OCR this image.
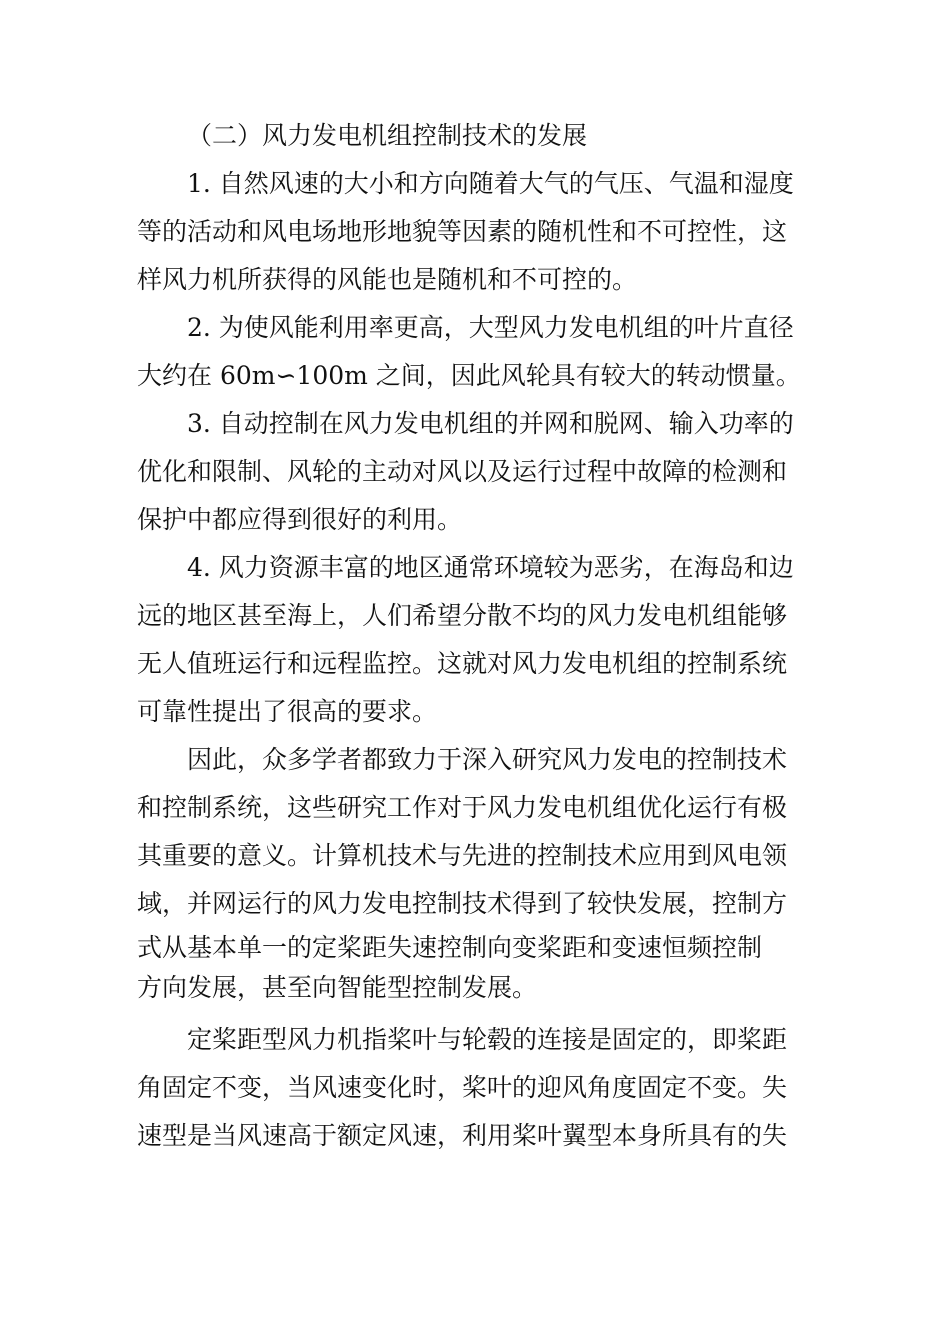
（二）风力发电机组控制技术的发展
1. 自然风速的大小和方向随着大气的气压、气温和湿度
等的活动和风电场地形地貌等因素的随机性和不可控性，这
样风力机所获得的风能也是随机和不可控的。
2. 为使风能利用率更高，大型风力发电机组的叶片直径
大约在 60m∽100m 之间，因此风轮具有较大的转动惯量。
3. 自动控制在风力发电机组的并网和脱网、输入功率的
优化和限制、风轮的主动对风以及运行过程中故障的检测和
保护中都应得到很好的利用。
4. 风力资源丰富的地区通常环境较为恶劣，在海岛和边
远的地区甚至海上，人们希望分散不均的风力发电机组能够
无人值班运行和远程监控。这就对风力发电机组的控制系统
可靠性提出了很高的要求。
因此，众多学者都致力于深入研究风力发电的控制技术
和控制系统，这些研究工作对于风力发电机组优化运行有极
其重要的意义。计算机技术与先进的控制技术应用到风电领
域，并网运行的风力发电控制技术得到了较快发展，控制方
式从基本单一的定桨距失速控制向变桨距和变速恒频控制
方向发展，甚至向智能型控制发展。
定桨距型风力机指桨叶与轮毂的连接是固定的，即桨距
角固定不变，当风速变化时，桨叶的迎风角度固定不变。失
速型是当风速高于额定风速，利用桨叶翼型本身所具有的失
